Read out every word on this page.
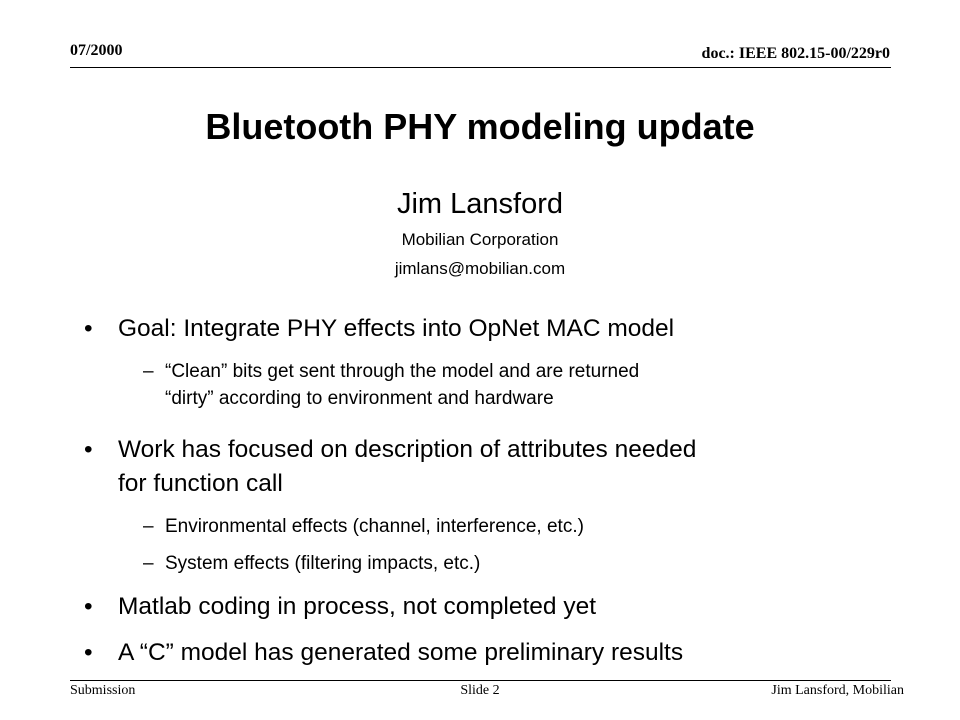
07/2000	doc.: IEEE 802.15-00/229r0
Bluetooth PHY modeling update
Jim Lansford
Mobilian Corporation
jimlans@mobilian.com
• Goal: Integrate PHY effects into OpNet MAC model
– “Clean” bits get sent through the model and are returned
“dirty” according to environment and hardware
• Work has focused on description of attributes needed
for function call
– Environmental effects (channel, interference, etc.)
– System effects (filtering impacts, etc.)
• Matlab coding in process, not completed yet
• A “C” model has generated some preliminary results
Submission	Slide 2	Jim Lansford, Mobilian
